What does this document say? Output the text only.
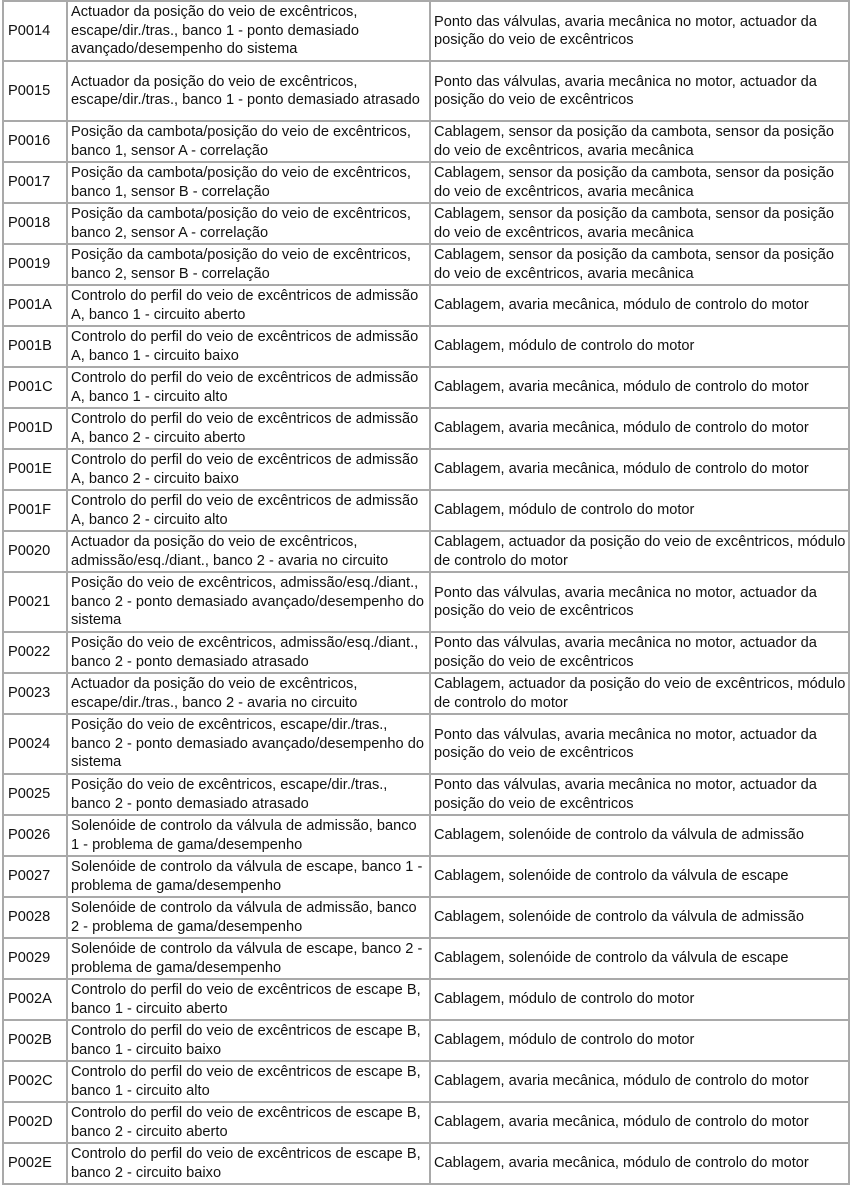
P0014	Actuador da posição do veio de excêntricos, escape/dir./tras., banco 1 - ponto demasiado avançado/desempenho do sistema	Ponto das válvulas, avaria mecânica no motor, actuador da posição do veio de excêntricos
P0015	Actuador da posição do veio de excêntricos, escape/dir./tras., banco 1 - ponto demasiado atrasado	Ponto das válvulas, avaria mecânica no motor, actuador da posição do veio de excêntricos
P0016	Posição da cambota/posição do veio de excêntricos, banco 1, sensor A - correlação	Cablagem, sensor da posição da cambota, sensor da posição do veio de excêntricos, avaria mecânica
P0017	Posição da cambota/posição do veio de excêntricos, banco 1, sensor B - correlação	Cablagem, sensor da posição da cambota, sensor da posição do veio de excêntricos, avaria mecânica
P0018	Posição da cambota/posição do veio de excêntricos, banco 2, sensor A - correlação	Cablagem, sensor da posição da cambota, sensor da posição do veio de excêntricos, avaria mecânica
P0019	Posição da cambota/posição do veio de excêntricos, banco 2, sensor B - correlação	Cablagem, sensor da posição da cambota, sensor da posição do veio de excêntricos, avaria mecânica
P001A	Controlo do perfil do veio de excêntricos de admissão A, banco 1 - circuito aberto	Cablagem, avaria mecânica, módulo de controlo do motor
P001B	Controlo do perfil do veio de excêntricos de admissão A, banco 1 - circuito baixo	Cablagem, módulo de controlo do motor
P001C	Controlo do perfil do veio de excêntricos de admissão A, banco 1 - circuito alto	Cablagem, avaria mecânica, módulo de controlo do motor
P001D	Controlo do perfil do veio de excêntricos de admissão A, banco 2 - circuito aberto	Cablagem, avaria mecânica, módulo de controlo do motor
P001E	Controlo do perfil do veio de excêntricos de admissão A, banco 2 - circuito baixo	Cablagem, avaria mecânica, módulo de controlo do motor
P001F	Controlo do perfil do veio de excêntricos de admissão A, banco 2 - circuito alto	Cablagem, módulo de controlo do motor
P0020	Actuador da posição do veio de excêntricos, admissão/esq./diant., banco 2 - avaria no circuito	Cablagem, actuador da posição do veio de excêntricos, módulo de controlo do motor
P0021	Posição do veio de excêntricos, admissão/esq./diant., banco 2 - ponto demasiado avançado/desempenho do sistema	Ponto das válvulas, avaria mecânica no motor, actuador da posição do veio de excêntricos
P0022	Posição do veio de excêntricos, admissão/esq./diant., banco 2 - ponto demasiado atrasado	Ponto das válvulas, avaria mecânica no motor, actuador da posição do veio de excêntricos
P0023	Actuador da posição do veio de excêntricos, escape/dir./tras., banco 2 - avaria no circuito	Cablagem, actuador da posição do veio de excêntricos, módulo de controlo do motor
P0024	Posição do veio de excêntricos, escape/dir./tras., banco 2 - ponto demasiado avançado/desempenho do sistema	Ponto das válvulas, avaria mecânica no motor, actuador da posição do veio de excêntricos
P0025	Posição do veio de excêntricos, escape/dir./tras., banco 2 - ponto demasiado atrasado	Ponto das válvulas, avaria mecânica no motor, actuador da posição do veio de excêntricos
P0026	Solenóide de controlo da válvula de admissão, banco 1 - problema de gama/desempenho	Cablagem, solenóide de controlo da válvula de admissão
P0027	Solenóide de controlo da válvula de escape, banco 1 - problema de gama/desempenho	Cablagem, solenóide de controlo da válvula de escape
P0028	Solenóide de controlo da válvula de admissão, banco 2 - problema de gama/desempenho	Cablagem, solenóide de controlo da válvula de admissão
P0029	Solenóide de controlo da válvula de escape, banco 2 - problema de gama/desempenho	Cablagem, solenóide de controlo da válvula de escape
P002A	Controlo do perfil do veio de excêntricos de escape B, banco 1 - circuito aberto	Cablagem, módulo de controlo do motor
P002B	Controlo do perfil do veio de excêntricos de escape B, banco 1 - circuito baixo	Cablagem, módulo de controlo do motor
P002C	Controlo do perfil do veio de excêntricos de escape B, banco 1 - circuito alto	Cablagem, avaria mecânica, módulo de controlo do motor
P002D	Controlo do perfil do veio de excêntricos de escape B, banco 2 - circuito aberto	Cablagem, avaria mecânica, módulo de controlo do motor
P002E	Controlo do perfil do veio de excêntricos de escape B, banco 2 - circuito baixo	Cablagem, avaria mecânica, módulo de controlo do motor
